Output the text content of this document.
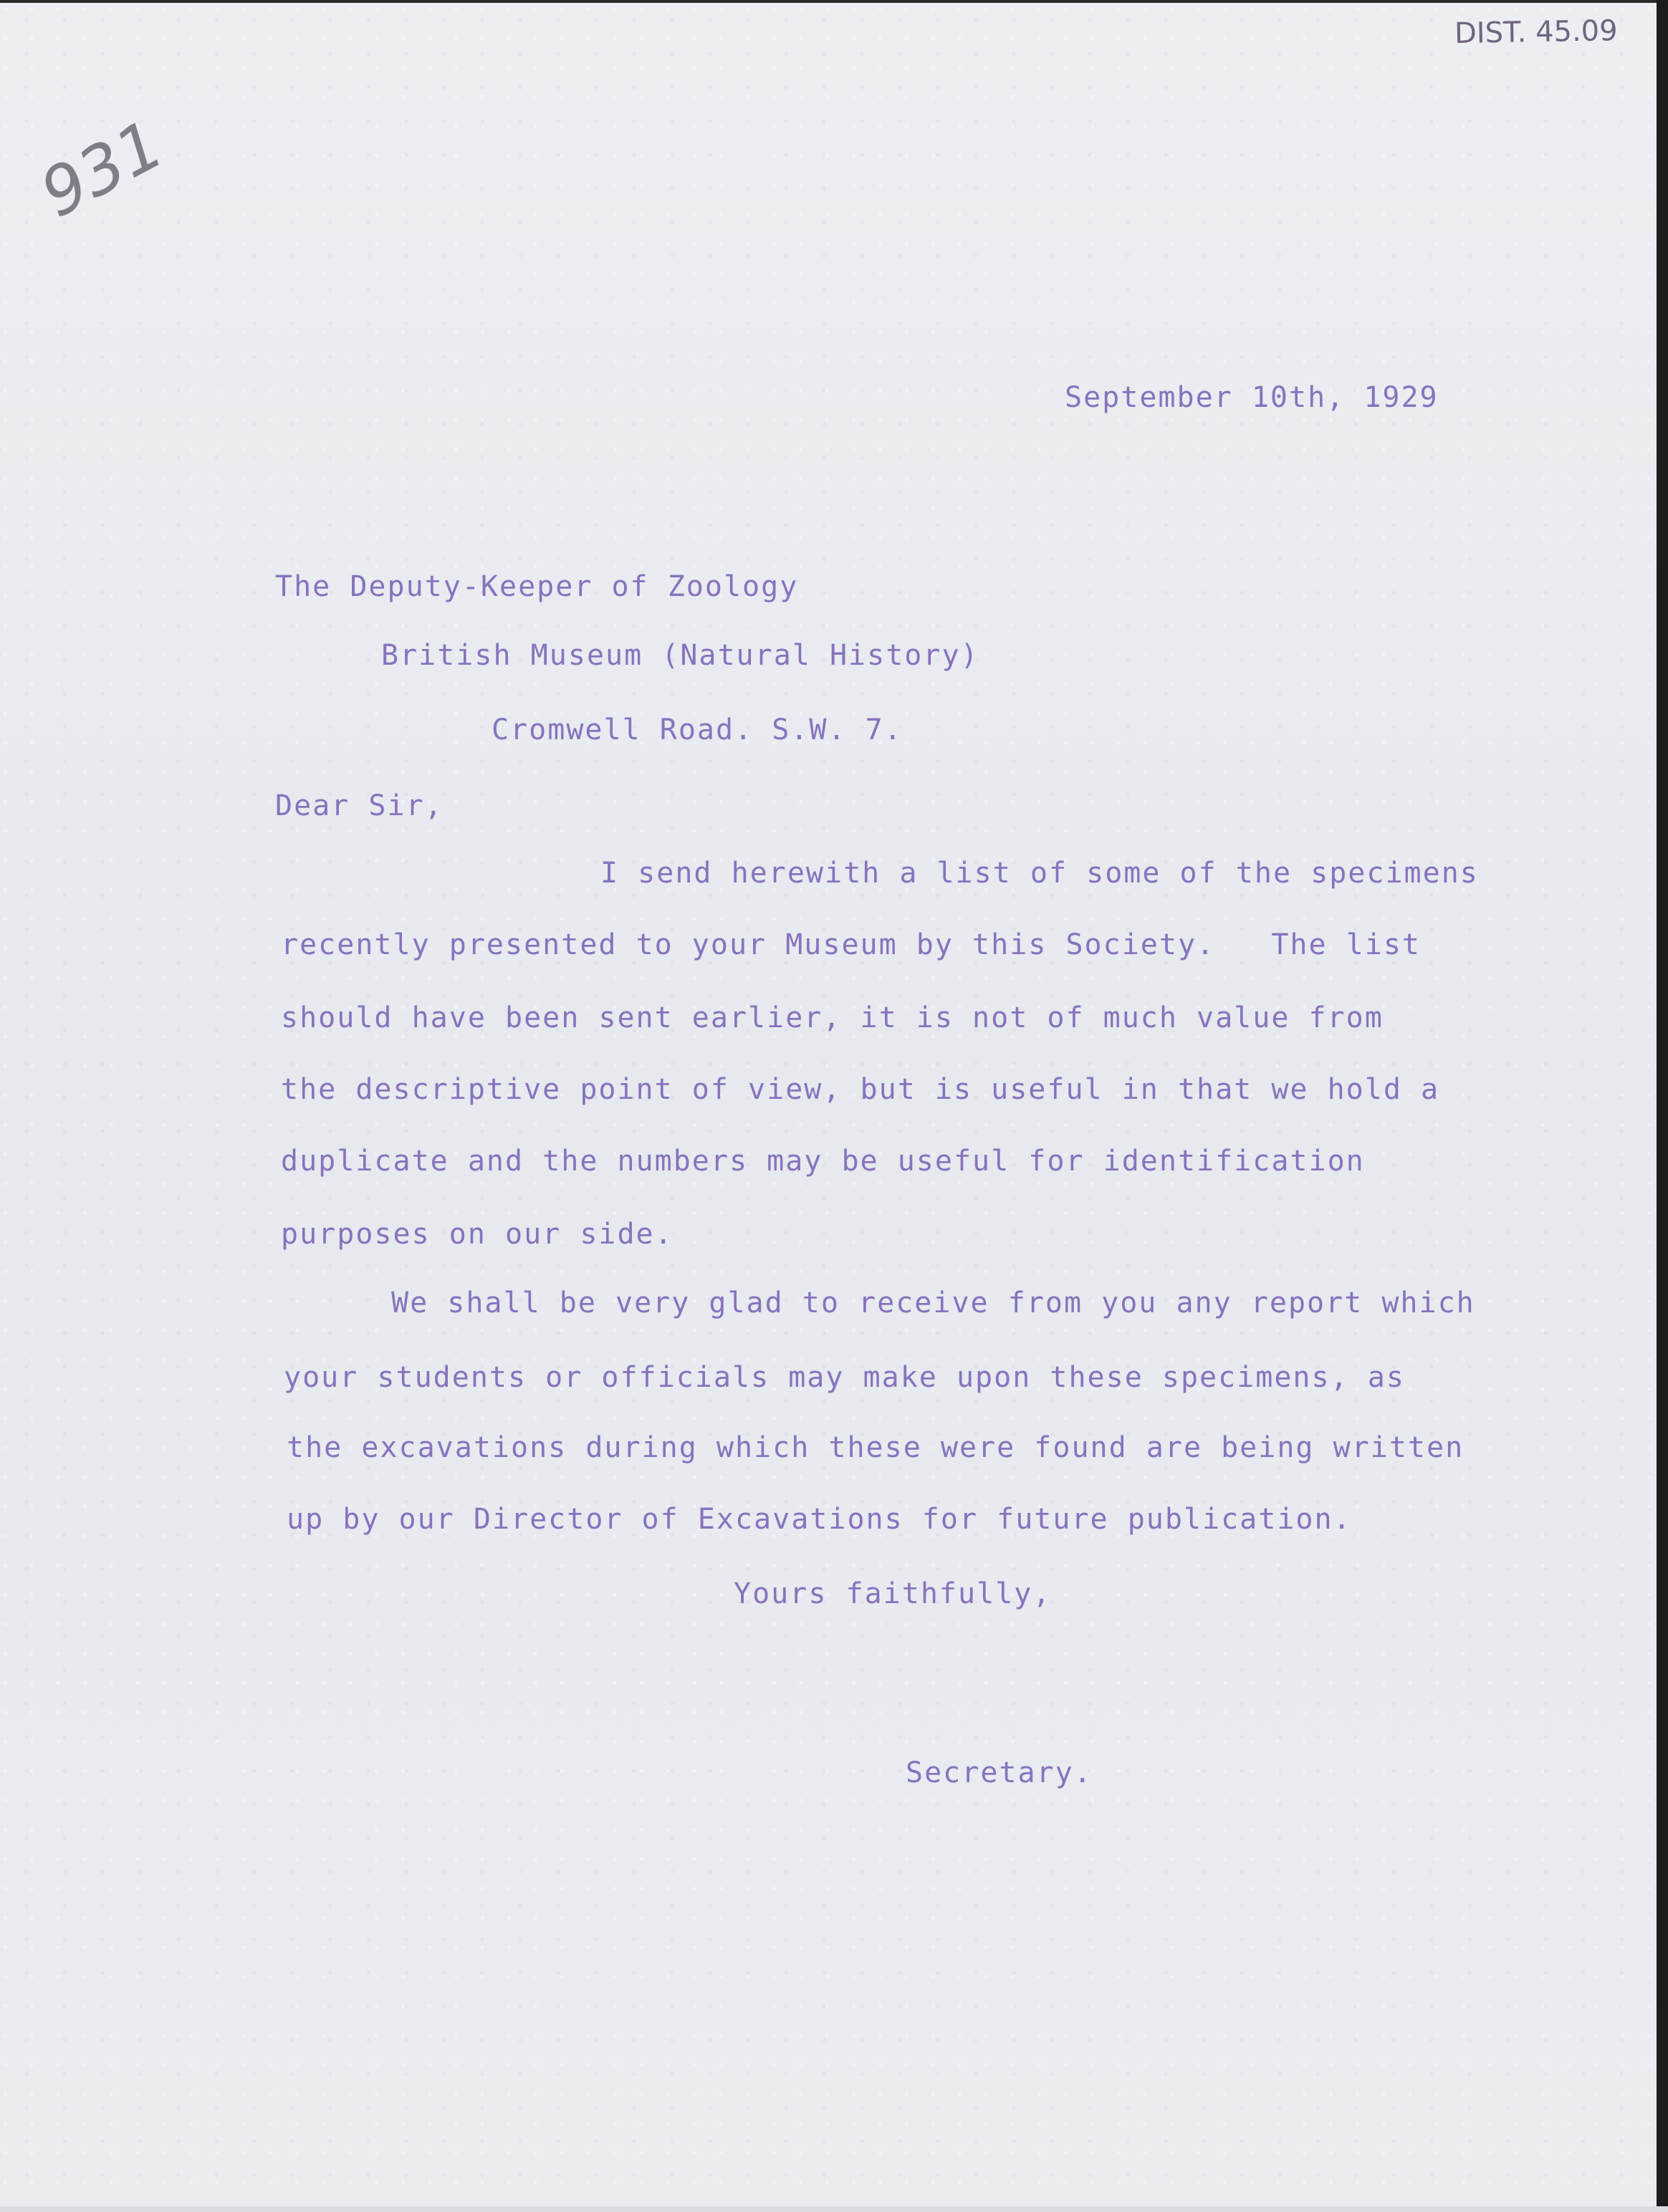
DIST. 45.09
931
September 10th, 1929
The Deputy-Keeper of Zoology
British Museum (Natural History)
Cromwell Road. S.W. 7.
Dear Sir,
I send herewith a list of some of the specimens
recently presented to your Museum by this Society.   The list
should have been sent earlier, it is not of much value from
the descriptive point of view, but is useful in that we hold a
duplicate and the numbers may be useful for identification
purposes on our side.
We shall be very glad to receive from you any report which
your students or officials may make upon these specimens, as
the excavations during which these were found are being written
up by our Director of Excavations for future publication.
Yours faithfully,
Secretary.
